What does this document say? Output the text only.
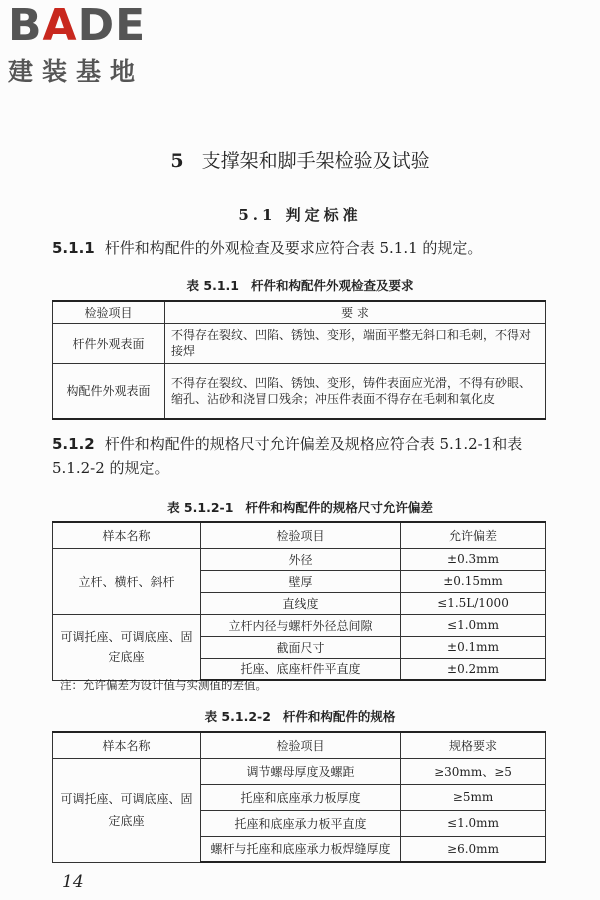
BADE
建装基地
5 支撑架和脚手架检验及试验
5.1 判定标准
5.1.1 杆件和构配件的外观检查及要求应符合表 5.1.1 的规定。
表 5.1.1 杆件和构配件外观检查及要求
检验项目	要 求
杆件外观表面	不得存在裂纹、凹陷、锈蚀、变形，端面平整无斜口和毛刺，不得对接焊
构配件外观表面	不得存在裂纹、凹陷、锈蚀、变形，铸件表面应光滑，不得有砂眼、缩孔、沾砂和浇冒口残余；冲压件表面不得存在毛刺和氧化皮
5.1.2 杆件和构配件的规格尺寸允许偏差及规格应符合表 5.1.2-1和表 5.1.2-2 的规定。
表 5.1.2-1 杆件和构配件的规格尺寸允许偏差
样本名称	检验项目	允许偏差
立杆、横杆、斜杆	外径	±0.3mm
	壁厚	±0.15mm
	直线度	≤1.5L/1000
可调托座、可调底座、固定底座	立杆内径与螺杆外径总间隙	≤1.0mm
	截面尺寸	±0.1mm
	托座、底座杆件平直度	±0.2mm
注：允许偏差为设计值与实测值的差值。
表 5.1.2-2 杆件和构配件的规格
样本名称	检验项目	规格要求
可调托座、可调底座、固定底座	调节螺母厚度及螺距	≥30mm、≥5
	托座和底座承力板厚度	≥5mm
	托座和底座承力板平直度	≤1.0mm
	螺杆与托座和底座承力板焊缝厚度	≥6.0mm
14
